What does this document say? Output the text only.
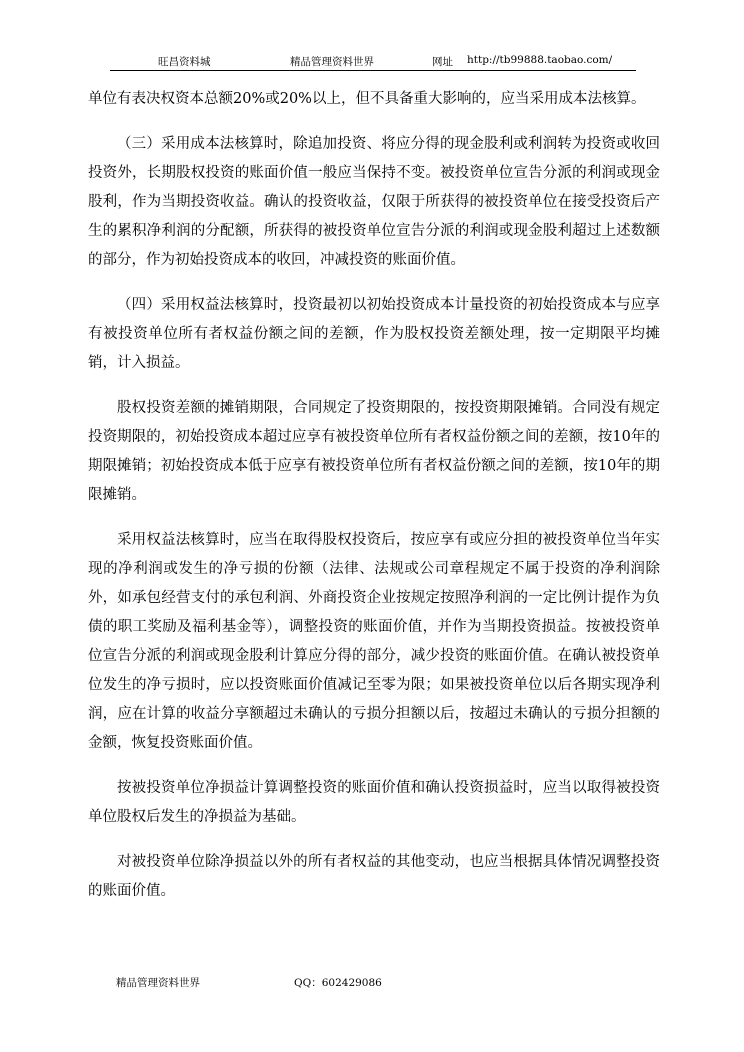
旺昌资料城	精品管理资料世界	网址 http://tb99888.taobao.com/

单位有表决权资本总额20%或20%以上，但不具备重大影响的，应当采用成本法核算。

（三）采用成本法核算时，除追加投资、将应分得的现金股利或利润转为投资或收回投资外，长期股权投资的账面价值一般应当保持不变。被投资单位宣告分派的利润或现金股利，作为当期投资收益。确认的投资收益，仅限于所获得的被投资单位在接受投资后产生的累积净利润的分配额，所获得的被投资单位宣告分派的利润或现金股利超过上述数额的部分，作为初始投资成本的收回，冲减投资的账面价值。

（四）采用权益法核算时，投资最初以初始投资成本计量投资的初始投资成本与应享有被投资单位所有者权益份额之间的差额，作为股权投资差额处理，按一定期限平均摊销，计入损益。

股权投资差额的摊销期限，合同规定了投资期限的，按投资期限摊销。合同没有规定投资期限的，初始投资成本超过应享有被投资单位所有者权益份额之间的差额，按10年的期限摊销；初始投资成本低于应享有被投资单位所有者权益份额之间的差额，按10年的期限摊销。

采用权益法核算时，应当在取得股权投资后，按应享有或应分担的被投资单位当年实现的净利润或发生的净亏损的份额（法律、法规或公司章程规定不属于投资的净利润除外，如承包经营支付的承包利润、外商投资企业按规定按照净利润的一定比例计提作为负债的职工奖励及福利基金等），调整投资的账面价值，并作为当期投资损益。按被投资单位宣告分派的利润或现金股利计算应分得的部分，减少投资的账面价值。在确认被投资单位发生的净亏损时，应以投资账面价值减记至零为限；如果被投资单位以后各期实现净利润，应在计算的收益分享额超过未确认的亏损分担额以后，按超过未确认的亏损分担额的金额，恢复投资账面价值。

按被投资单位净损益计算调整投资的账面价值和确认投资损益时，应当以取得被投资单位股权后发生的净损益为基础。

对被投资单位除净损益以外的所有者权益的其他变动，也应当根据具体情况调整投资的账面价值。

精品管理资料世界	QQ：602429086
